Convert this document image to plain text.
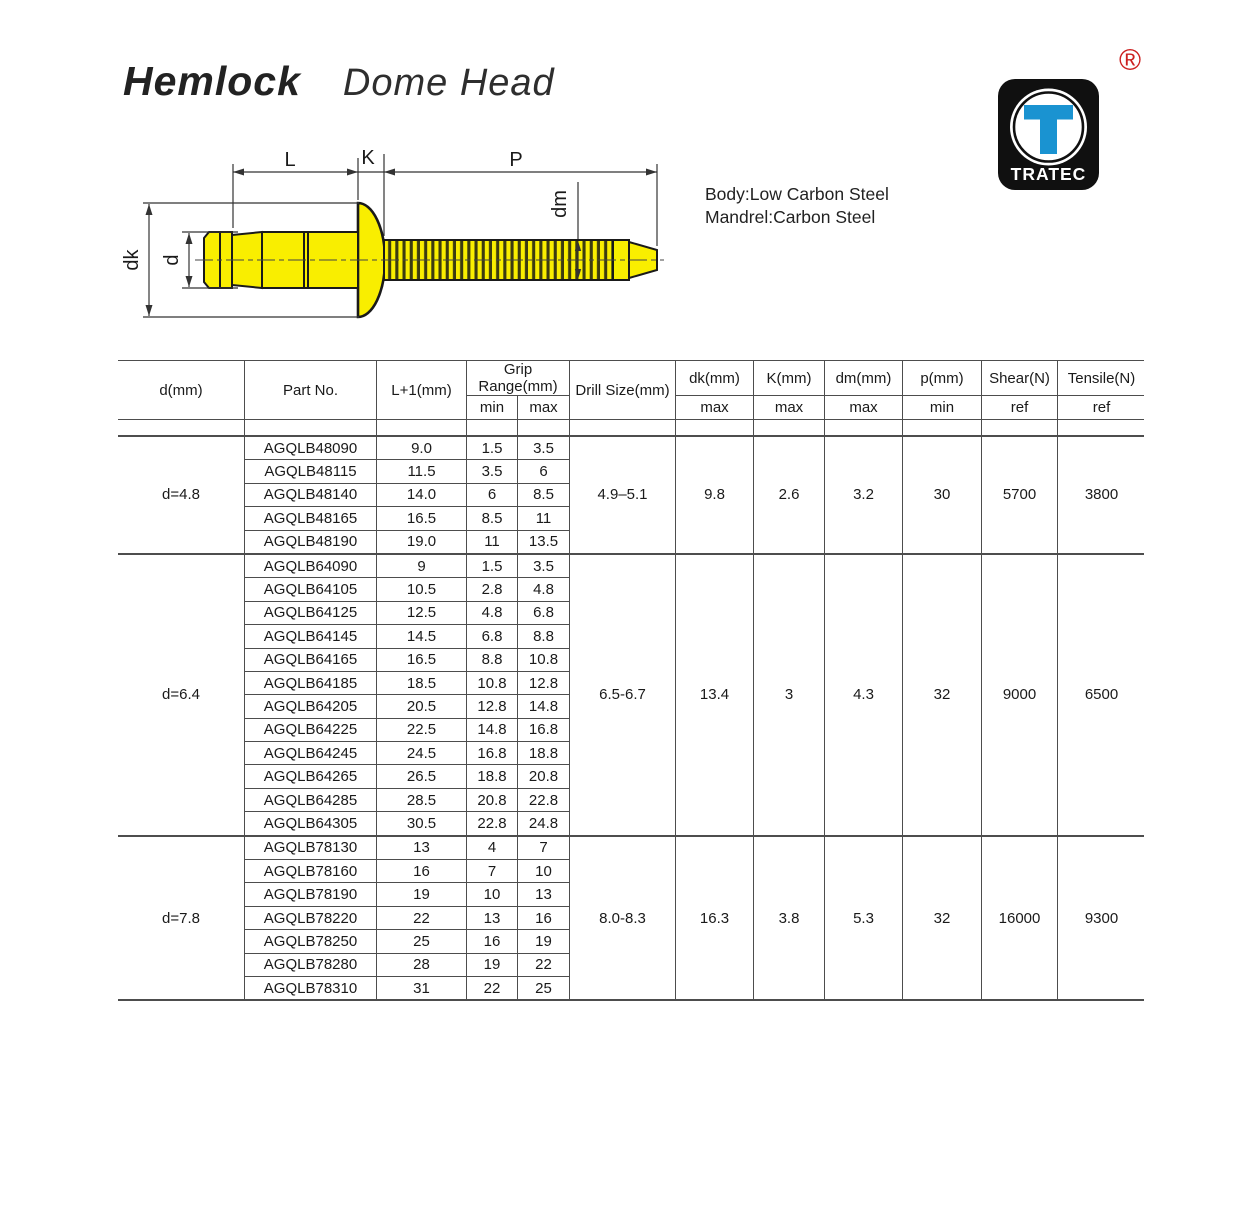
Hemlock Dome Head
®
TRATEC
Body:Low Carbon Steel
Mandrel:Carbon Steel
L	K	P
dk d
dm
d(mm)	Part No.	L+1(mm)	Grip Range(mm)		Drill Size(mm)	dk(mm)	K(mm)	dm(mm)	p(mm)	Shear(N)	Tensile(N)
			min	max		max	max	max	min	ref	ref

d=4.8	AGQLB48090	9.0	1.5	3.5	4.9–5.1	9.8	2.6	3.2	30	5700	3800
	AGQLB48115	11.5	3.5	6							
	AGQLB48140	14.0	6	8.5							
	AGQLB48165	16.5	8.5	11							
	AGQLB48190	19.0	11	13.5							
d=6.4	AGQLB64090	9	1.5	3.5	6.5-6.7	13.4	3	4.3	32	9000	6500
	AGQLB64105	10.5	2.8	4.8							
	AGQLB64125	12.5	4.8	6.8							
	AGQLB64145	14.5	6.8	8.8							
	AGQLB64165	16.5	8.8	10.8							
	AGQLB64185	18.5	10.8	12.8							
	AGQLB64205	20.5	12.8	14.8							
	AGQLB64225	22.5	14.8	16.8							
	AGQLB64245	24.5	16.8	18.8							
	AGQLB64265	26.5	18.8	20.8							
	AGQLB64285	28.5	20.8	22.8							
	AGQLB64305	30.5	22.8	24.8							
d=7.8	AGQLB78130	13	4	7	8.0-8.3	16.3	3.8	5.3	32	16000	9300
	AGQLB78160	16	7	10							
	AGQLB78190	19	10	13							
	AGQLB78220	22	13	16							
	AGQLB78250	25	16	19							
	AGQLB78280	28	19	22							
	AGQLB78310	31	22	25							
